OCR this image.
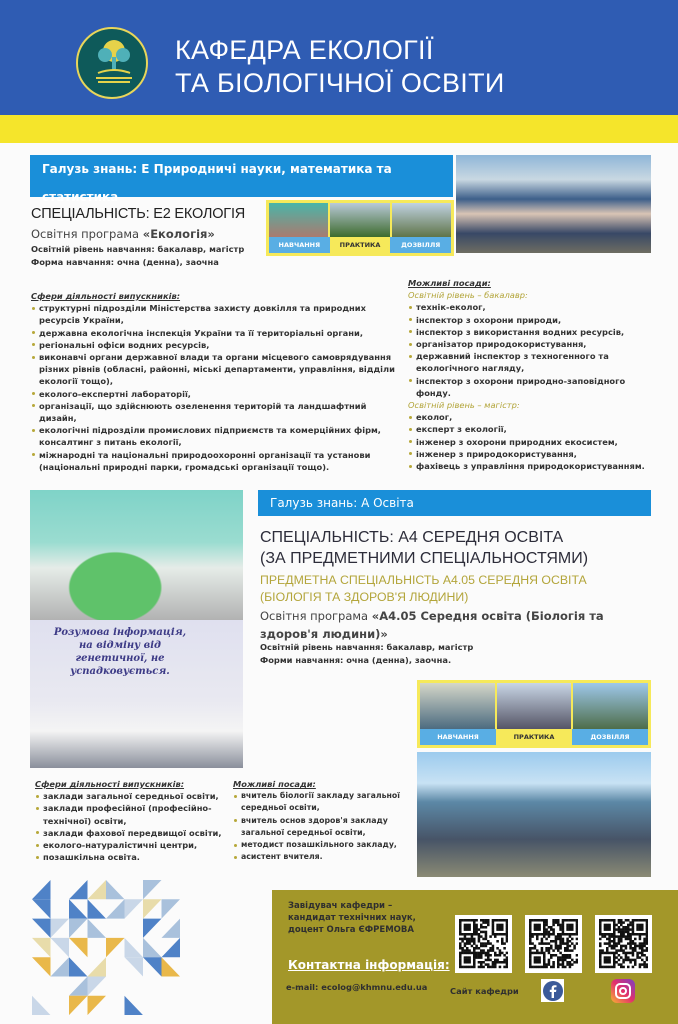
КАФЕДРА ЕКОЛОГІЇ
ТА БІОЛОГІЧНОЇ ОСВІТИ
Галузь знань: Е Природничі науки, математика та статистика
СПЕЦІАЛЬНІСТЬ: Е2 ЕКОЛОГІЯ
Освітня програма «Екологія»
Освітній рівень навчання: бакалавр, магістр
Форма навчання: очна (денна), заочна
НАВЧАННЯ	ПРАКТИКА	ДОЗВІЛЛЯ
Сфери діяльності випускників:
структурні підрозділи Міністерства захисту довкілля та природних ресурсів України,
державна екологічна інспекція України та її територіальні органи,
регіональні офіси водних ресурсів,
виконавчі органи державної влади та органи місцевого самоврядування різних рівнів (обласні, районні, міські департаменти, управління, відділи екології тощо),
еколого-експертні лабораторії,
організації, що здійснюють озеленення територій та ландшафтний дизайн,
екологічні підрозділи промислових підприємств та комерційних фірм, консалтинг з питань екології,
міжнародні та національні природоохоронні організації та установи (національні природні парки, громадські організації тощо).
Можливі посади:
Освітній рівень – бакалавр:
технік-еколог,
інспектор з охорони природи,
інспектор з використання водних ресурсів,
організатор природокористування,
державний інспектор з техногенного та екологічного нагляду,
інспектор з охорони природно-заповідного фонду.
Освітній рівень – магістр:
еколог,
експерт з екології,
інженер з охорони природних екосистем,
інженер з природокористування,
фахівець з управління природокористуванням.
Розумова інформація, на відміну від генетичної, не успадковується.
Галузь знань: А Освіта
СПЕЦІАЛЬНІСТЬ: А4 СЕРЕДНЯ ОСВІТА
(ЗА ПРЕДМЕТНИМИ СПЕЦІАЛЬНОСТЯМИ)
ПРЕДМЕТНА СПЕЦІАЛЬНІСТЬ А4.05 СЕРЕДНЯ ОСВІТА
(БІОЛОГІЯ ТА ЗДОРОВ'Я ЛЮДИНИ)
Освітня програма «А4.05 Середня освіта (Біологія та здоров'я людини)»
Освітній рівень навчання: бакалавр, магістр
Форми навчання: очна (денна), заочна.
НАВЧАННЯ	ПРАКТИКА	ДОЗВІЛЛЯ
Сфери діяльності випускників:
заклади загальної середньої освіти,
заклади професійної (професійно-технічної) освіти,
заклади фахової передвищої освіти,
еколого-натуралістичні центри,
позашкільна освіта.
Можливі посади:
вчитель біології закладу загальної середньої освіти,
вчитель основ здоров'я закладу загальної середньої освіти,
методист позашкільного закладу,
асистент вчителя.
Завідувач кафедри – кандидат технічних наук, доцент Ольга ЄФРЕМОВА
Контактна інформація:
e-mail: ecolog@khmnu.edu.ua	Сайт кафедри
